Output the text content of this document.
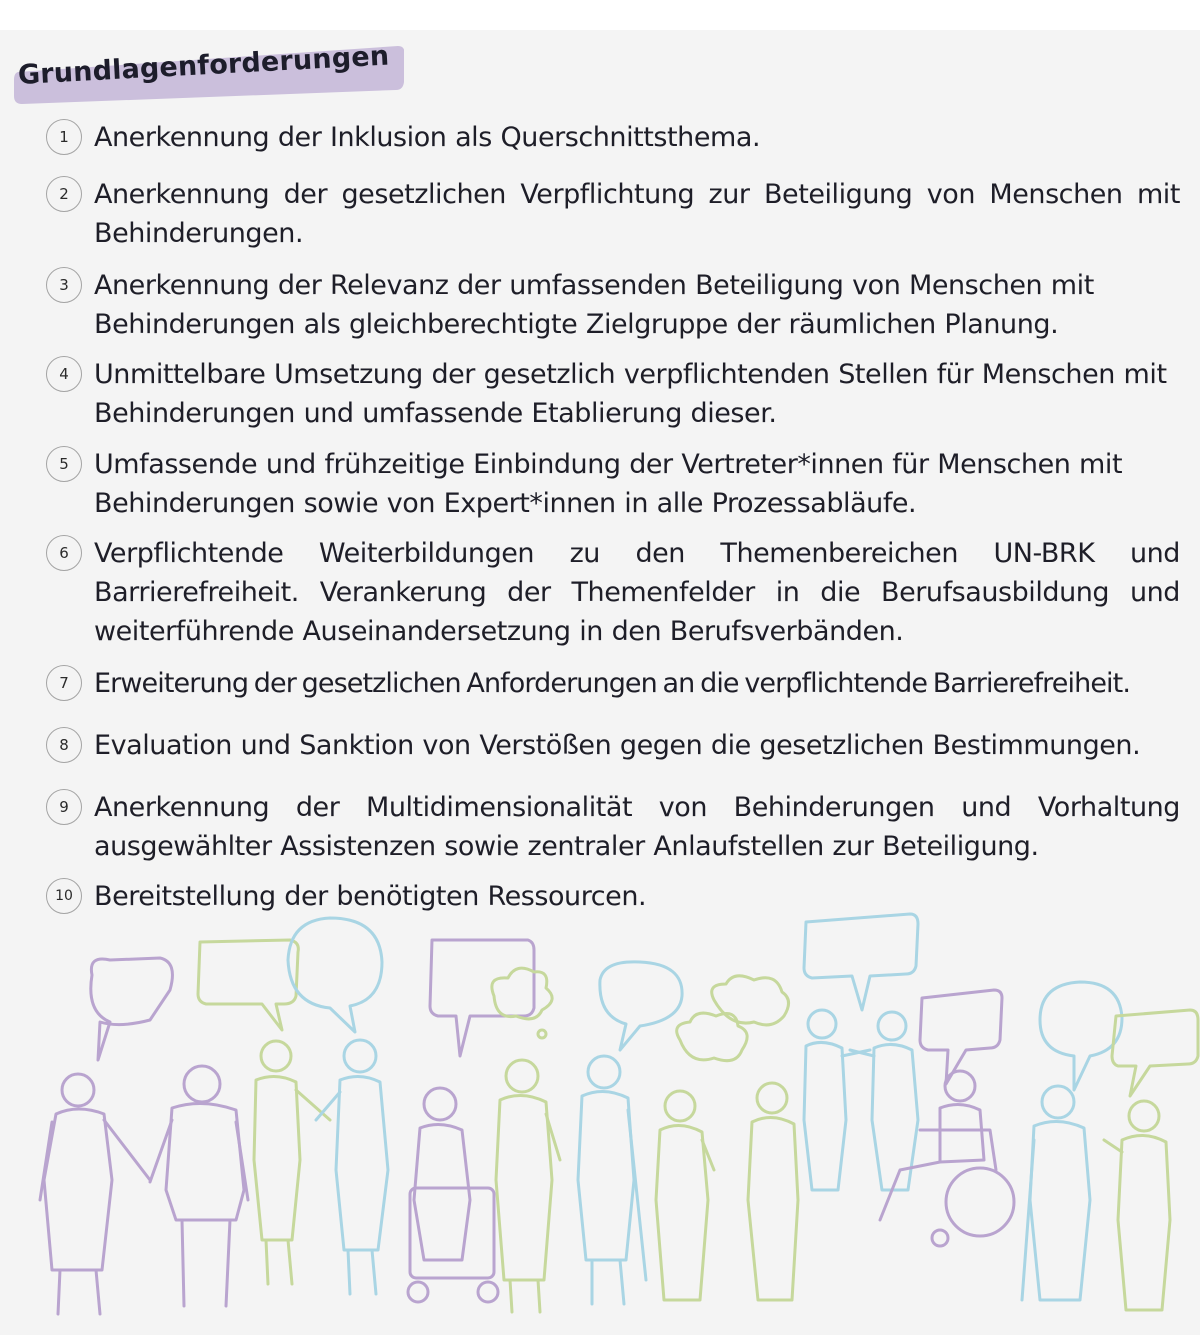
Grundlagenforderungen
1 Anerkennung der Inklusion als Querschnittsthema.
2 Anerkennung der gesetzlichen Verpflichtung zur Beteiligung von Menschen mit Behinderungen.
3 Anerkennung der Relevanz der umfassenden Beteiligung von Menschen mit Behinderungen als gleichberechtigte Zielgruppe der räumlichen Planung.
4 Unmittelbare Umsetzung der gesetzlich verpflichtenden Stellen für Menschen mit Behinderungen und umfassende Etablierung dieser.
5 Umfassende und frühzeitige Einbindung der Vertreter*innen für Menschen mit Behinderungen sowie von Expert*innen in alle Prozessabläufe.
6 Verpflichtende Weiterbildungen zu den Themenbereichen UN-BRK und Barrierefreiheit. Verankerung der Themenfelder in die Berufsausbildung und weiterführende Auseinandersetzung in den Berufsverbänden.
7 Erweiterung der gesetzlichen Anforderungen an die verpflichtende Barrierefreiheit.
8 Evaluation und Sanktion von Verstößen gegen die gesetzlichen Bestimmungen.
9 Anerkennung der Multidimensionalität von Behinderungen und Vorhaltung ausgewählter Assistenzen sowie zentraler Anlaufstellen zur Beteiligung.
10 Bereitstellung der benötigten Ressourcen.
